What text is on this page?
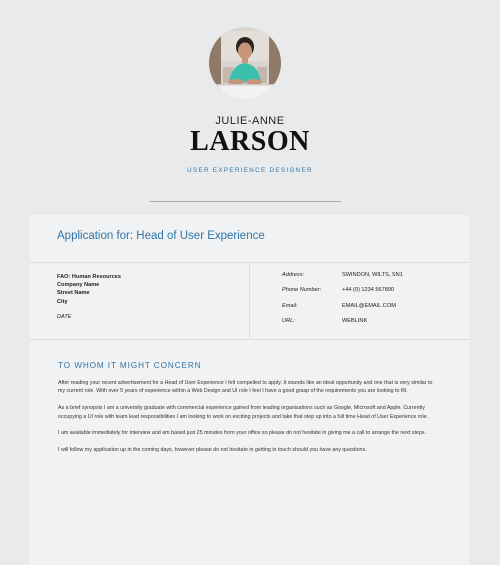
JULIE-ANNE
LARSON
USER EXPERIENCE DESIGNER
Application for: Head of User Experience
FAO: Human Resources
Company Name
Street Name
City
DATE
Address:	SWINDON, WILTS, SN1
Phone Number:	+44 (0) 1234 567890
Email:	EMAIL@EMAIL.COM
URL:	WEBLINK
TO WHOM IT MIGHT CONCERN

After reading your recent advertisement for a Head of User Experience I felt compelled to apply. It sounds like an ideal opportunity and one that is very similar to my current role. With over 5 years of experience within a Web Design and UI role I feel I have a good grasp of the requirements you are looking to fill.

As a brief synopsis I am a university graduate with commercial experience gained from leading organisations such as Google, Microsoft and Apple. Currently occupying a UI role with team lead responsibilities I am looking to work on exciting projects and take that step up into a full time Head of User Experience role.

I am available immediately for interview and am based just 25 minutes from your office so please do not hesitate in giving me a call to arrange the next steps.

I will follow my application up in the coming days, however please do not hesitate in getting in touch should you have any questions.
